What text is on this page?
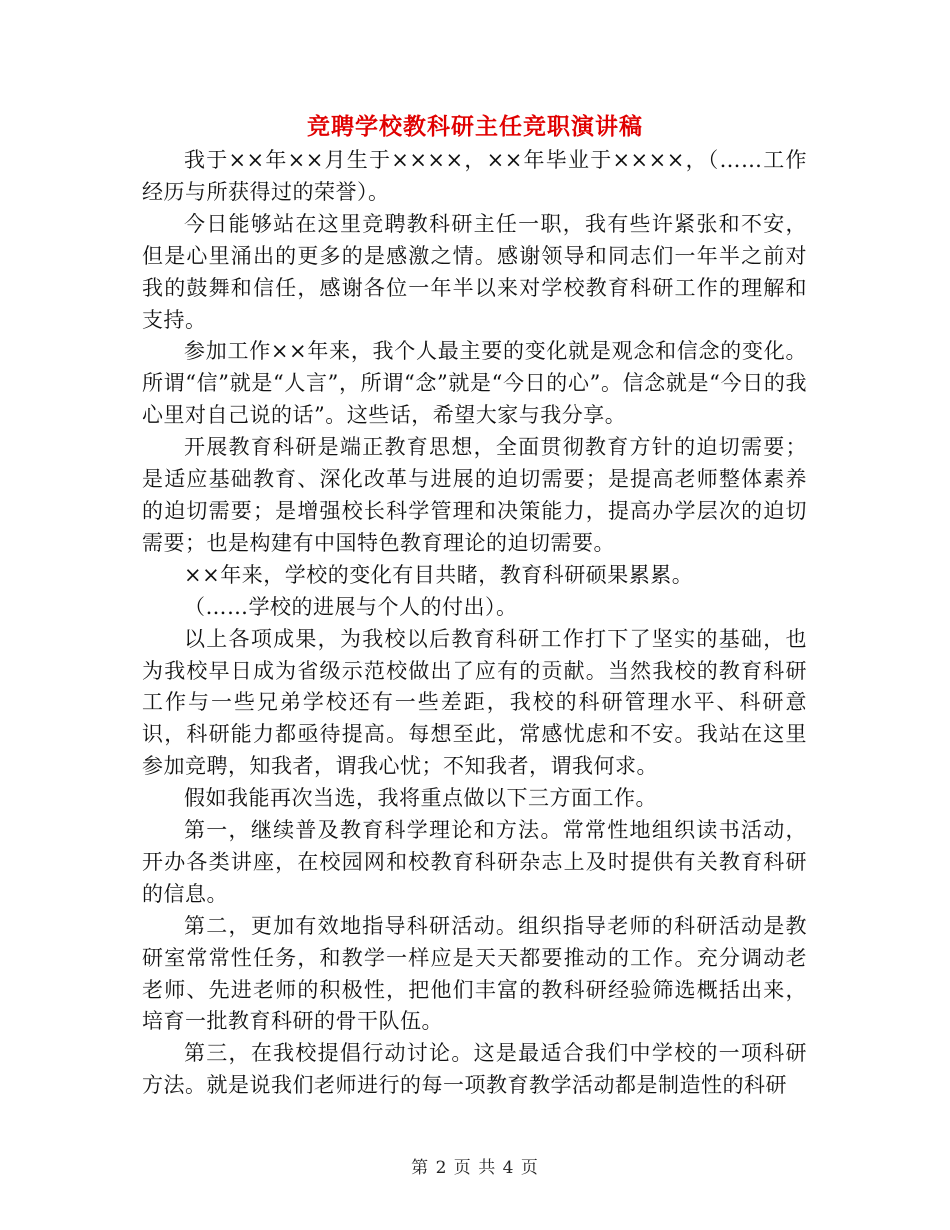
竞聘学校教科研主任竞职演讲稿

我于××年××月生于××××，××年毕业于××××，（……工作经历与所获得过的荣誉）。

今日能够站在这里竞聘教科研主任一职，我有些许紧张和不安，但是心里涌出的更多的是感激之情。感谢领导和同志们一年半之前对我的鼓舞和信任，感谢各位一年半以来对学校教育科研工作的理解和支持。

参加工作××年来，我个人最主要的变化就是观念和信念的变化。所谓“信”就是“人言”，所谓“念”就是“今日的心”。信念就是“今日的我心里对自己说的话”。这些话，希望大家与我分享。

开展教育科研是端正教育思想，全面贯彻教育方针的迫切需要；是适应基础教育、深化改革与进展的迫切需要；是提高老师整体素养的迫切需要；是增强校长科学管理和决策能力，提高办学层次的迫切需要；也是构建有中国特色教育理论的迫切需要。

××年来，学校的变化有目共睹，教育科研硕果累累。

（……学校的进展与个人的付出）。

以上各项成果，为我校以后教育科研工作打下了坚实的基础，也为我校早日成为省级示范校做出了应有的贡献。当然我校的教育科研工作与一些兄弟学校还有一些差距，我校的科研管理水平、科研意识，科研能力都亟待提高。每想至此，常感忧虑和不安。我站在这里参加竞聘，知我者，谓我心忧；不知我者，谓我何求。

假如我能再次当选，我将重点做以下三方面工作。

第一，继续普及教育科学理论和方法。常常性地组织读书活动，开办各类讲座，在校园网和校教育科研杂志上及时提供有关教育科研的信息。

第二，更加有效地指导科研活动。组织指导老师的科研活动是教研室常常性任务，和教学一样应是天天都要推动的工作。充分调动老老师、先进老师的积极性，把他们丰富的教科研经验筛选概括出来，培育一批教育科研的骨干队伍。

第三，在我校提倡行动讨论。这是最适合我们中学校的一项科研方法。就是说我们老师进行的每一项教育教学活动都是制造性的科研

第 2 页 共 4 页
